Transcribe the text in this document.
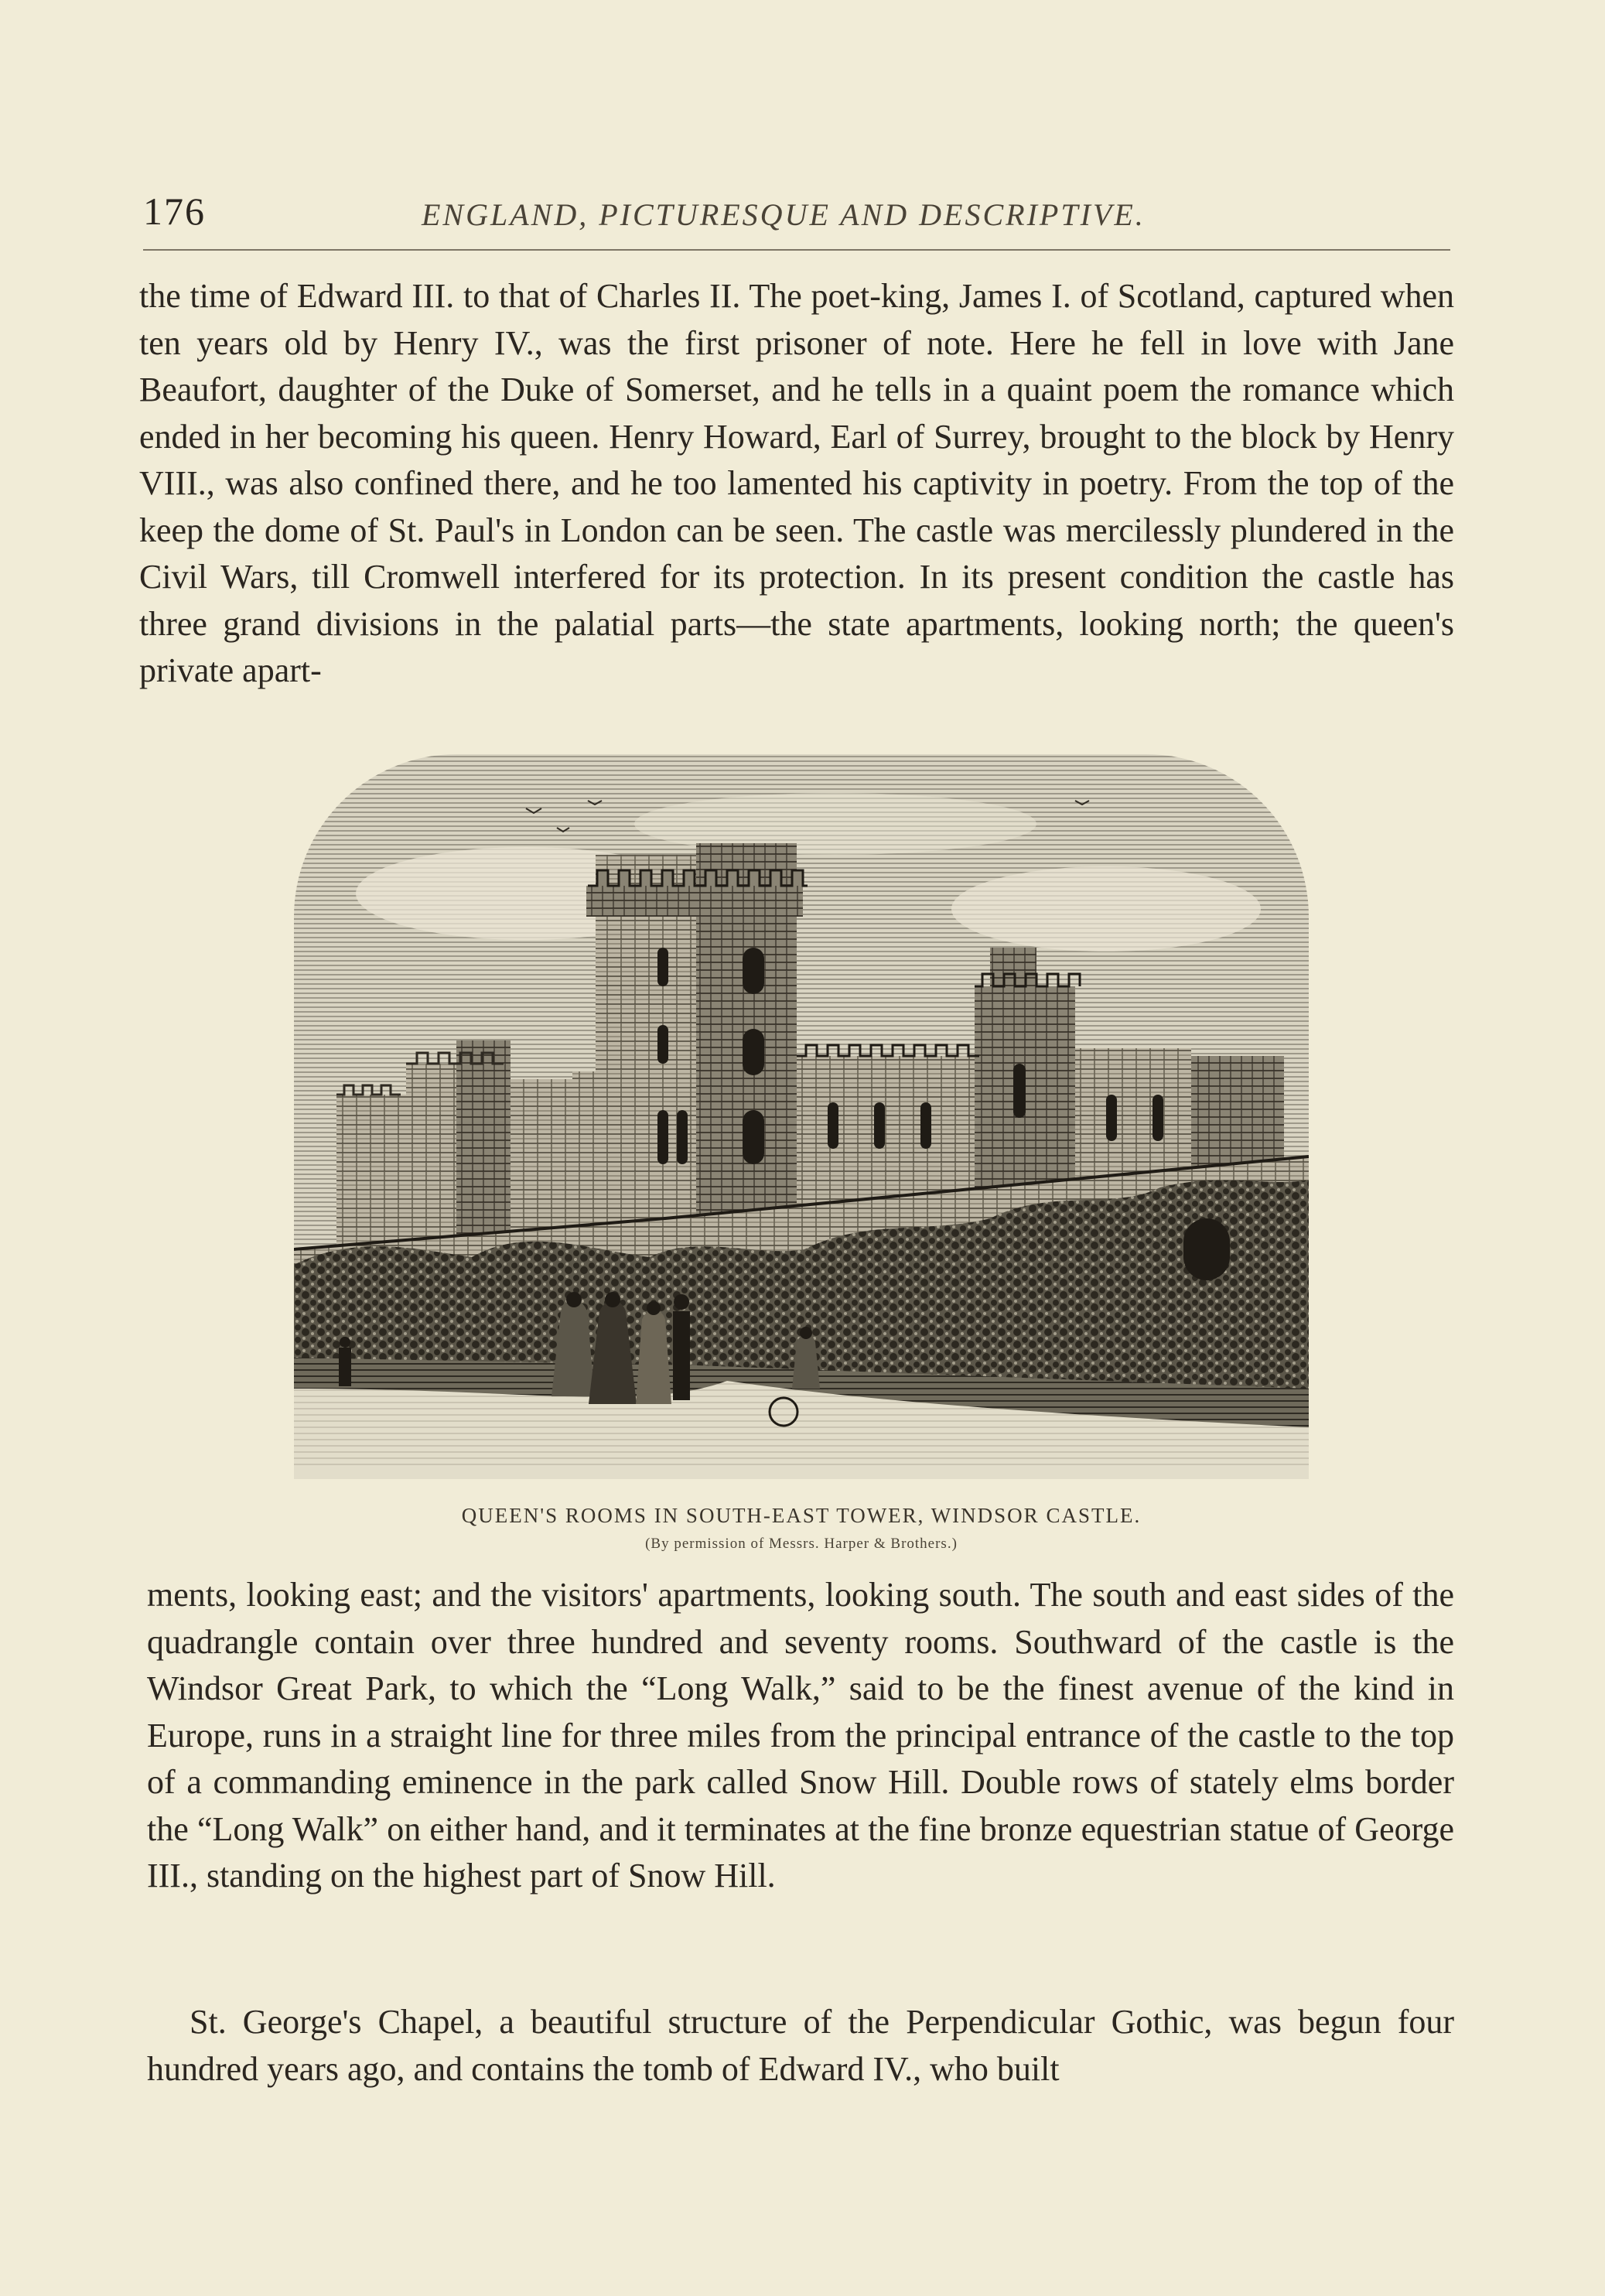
176	ENGLAND, PICTURESQUE AND DESCRIPTIVE.

the time of Edward III. to that of Charles II. The poet-king, James I. of Scotland, captured when ten years old by Henry IV., was the first prisoner of note. Here he fell in love with Jane Beaufort, daughter of the Duke of Somerset, and he tells in a quaint poem the romance which ended in her becoming his queen. Henry Howard, Earl of Surrey, brought to the block by Henry VIII., was also confined there, and he too lamented his captivity in poetry. From the top of the keep the dome of St. Paul's in London can be seen. The castle was mercilessly plundered in the Civil Wars, till Cromwell interfered for its protection. In its present condition the castle has three grand divisions in the palatial parts—the state apartments, looking north; the queen's private apart-

QUEEN'S ROOMS IN SOUTH-EAST TOWER, WINDSOR CASTLE.
(By permission of Messrs. Harper & Brothers.)

ments, looking east; and the visitors' apartments, looking south. The south and east sides of the quadrangle contain over three hundred and seventy rooms. Southward of the castle is the Windsor Great Park, to which the “Long Walk,” said to be the finest avenue of the kind in Europe, runs in a straight line for three miles from the principal entrance of the castle to the top of a commanding eminence in the park called Snow Hill. Double rows of stately elms border the “Long Walk” on either hand, and it terminates at the fine bronze equestrian statue of George III., standing on the highest part of Snow Hill.

St. George's Chapel, a beautiful structure of the Perpendicular Gothic, was begun four hundred years ago, and contains the tomb of Edward IV., who built
